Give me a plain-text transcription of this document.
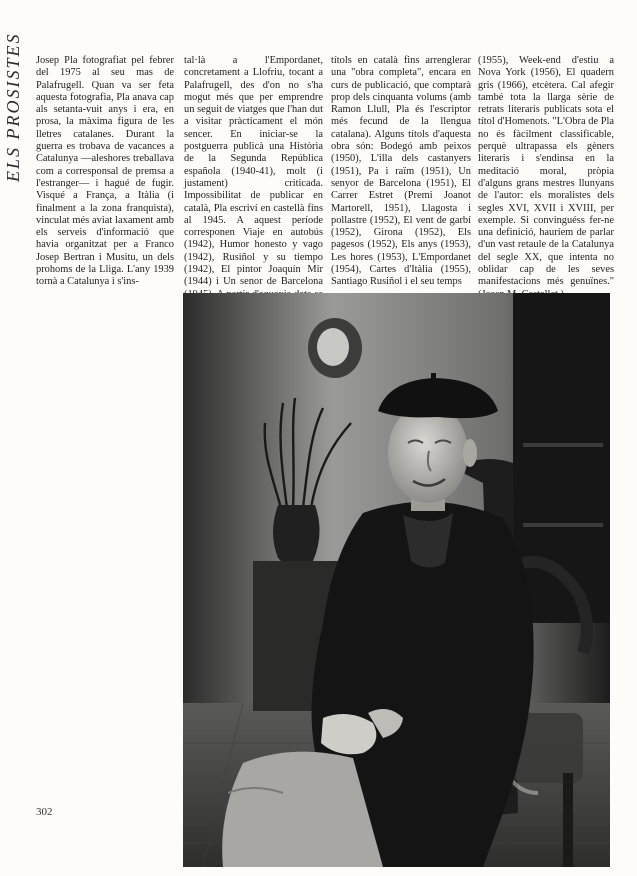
ELS PROSISTES Josep Pla fotografiat pel febrer del 1975 al seu mas de Palafrugell. Quan va ser feta aquesta fotografia, Pla anava cap als setanta-vuit anys i era, en prosa, la màxima figura de les lletres catalanes. Durant la guerra es trobava de vacances a Catalunya —aleshores treballava com a corresponsal de premsa a l'estranger— i hagué de fugir. Visqué a França, a Itàlia (i finalment a la zona franquista), vinculat més aviat laxament amb els serveis d'informació que havia organitzat per a Franco Josep Bertran i Musitu, un dels prohoms de la Lliga. L'any 1939 tornà a Catalunya i s'ins-

tal·là a l'Empordanet, concretament a Llofriu, tocant a Palafrugell, des d'on no s'ha mogut més que per emprendre un seguit de viatges que l'han dut a visitar pràcticament el món sencer. En iniciar-se la postguerra publicà una Història de la Segunda República española (1940-41), molt (i justament) criticada. Impossibilitat de publicar en català, Pla escriví en castellà fins al 1945. A aquest període corresponen Viaje en autobús (1942), Humor honesto y vago (1942), Rusiñol y su tiempo (1942), El pintor Joaquín Mir (1944) i Un senor de Barcelona

títols en català fins arrenglerar una "obra completa", encara en curs de publicació, que comptarà prop dels cinquanta volums (amb Ramon Llull, Pla és l'escriptor més fecund de la llengua catalana). Alguns títols d'aquesta obra són: Bodegó amb peixos (1950), L'illa dels castanyers (1951), Pa i raïm (1951), Un senyor de Barcelona (1951), El Carrer Estret (Premi Joanot Martorell, 1951), Llagosta i pollastre (1952), El vent de garbí (1952), Girona (1952), Els pagesos (1952), Els anys (1953), Les hores (1953), L'Empordanet (1954), Cartes d'Itàlia (1955), Santiago Rusiñol i el seu temps

(1955), Week-end d'estiu a Nova York (1956), El quadern gris (1966), etcètera. Cal afegir també tota la llarga sèrie de retrats literaris publicats sota el títol d'Homenots. "L'Obra de Pla no és fàcilment classificable, perquè ultrapassa els gèners literaris i s'endinsa en la meditació moral, pròpia d'alguns grans mestres llunyans de l'autor: els moralistes dels segles XVI, XVII i XVIII, per exemple. Si convinguéss fer-ne una definició, hauríem de parlar d'un vast retaule de la Catalunya del segle XX, que intenta no oblidar cap de les seves manifestacions més genuïnes."

302
